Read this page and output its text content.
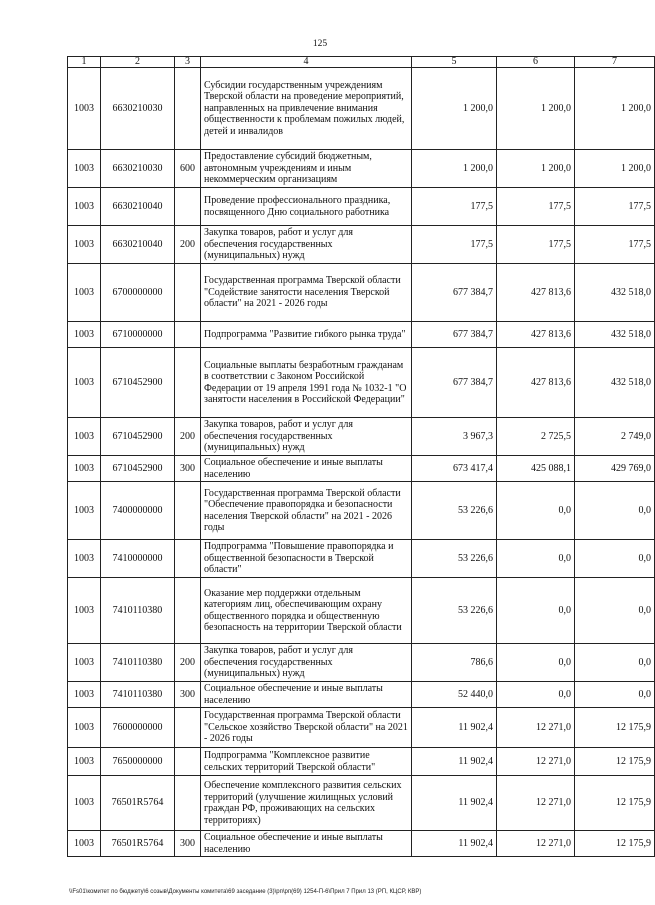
125
1	2	3	4	5	6	7
1003	6630210030		Субсидии государственным учреждениям Тверской области на проведение мероприятий, направленных на привлечение внимания общественности к проблемам пожилых людей, детей и инвалидов	1 200,0	1 200,0	1 200,0
1003	6630210030	600	Предоставление субсидий бюджетным, автономным учреждениям и иным некоммерческим организациям	1 200,0	1 200,0	1 200,0
1003	6630210040		Проведение профессионального праздника, посвященного Дню социального работника	177,5	177,5	177,5
1003	6630210040	200	Закупка товаров, работ и услуг для обеспечения государственных (муниципальных) нужд	177,5	177,5	177,5
1003	6700000000		Государственная программа Тверской области "Содействие занятости населения Тверской области" на 2021 - 2026 годы	677 384,7	427 813,6	432 518,0
1003	6710000000		Подпрограмма "Развитие гибкого рынка труда"	677 384,7	427 813,6	432 518,0
1003	6710452900		Социальные выплаты безработным гражданам в соответствии с Законом Российской Федерации от 19 апреля 1991 года № 1032-1 "О занятости населения в Российской Федерации"	677 384,7	427 813,6	432 518,0
1003	6710452900	200	Закупка товаров, работ и услуг для обеспечения государственных (муниципальных) нужд	3 967,3	2 725,5	2 749,0
1003	6710452900	300	Социальное обеспечение и иные выплаты населению	673 417,4	425 088,1	429 769,0
1003	7400000000		Государственная программа Тверской области "Обеспечение правопорядка и безопасности населения Тверской области" на 2021 - 2026 годы	53 226,6	0,0	0,0
1003	7410000000		Подпрограмма "Повышение правопорядка и общественной безопасности в Тверской области"	53 226,6	0,0	0,0
1003	7410110380		Оказание мер поддержки отдельным категориям лиц, обеспечивающим охрану общественного порядка и общественную безопасность на территории Тверской области	53 226,6	0,0	0,0
1003	7410110380	200	Закупка товаров, работ и услуг для обеспечения государственных (муниципальных) нужд	786,6	0,0	0,0
1003	7410110380	300	Социальное обеспечение и иные выплаты населению	52 440,0	0,0	0,0
1003	7600000000		Государственная программа Тверской области "Сельское хозяйство Тверской области" на 2021 - 2026 годы	11 902,4	12 271,0	12 175,9
1003	7650000000		Подпрограмма "Комплексное развитие сельских территорий Тверской области"	11 902,4	12 271,0	12 175,9
1003	76501R5764		Обеспечение комплексного развития сельских территорий (улучшение жилищных условий граждан РФ, проживающих на сельских территориях)	11 902,4	12 271,0	12 175,9
1003	76501R5764	300	Социальное обеспечение и иные выплаты населению	11 902,4	12 271,0	12 175,9
\\Fs01\комитет по бюджету\6 созыв\Документы комитета\69 заседание (3)\рп\рп(69) 1254-П-6\Прил 7 Прил 13 (РП, КЦСР, КВР)
